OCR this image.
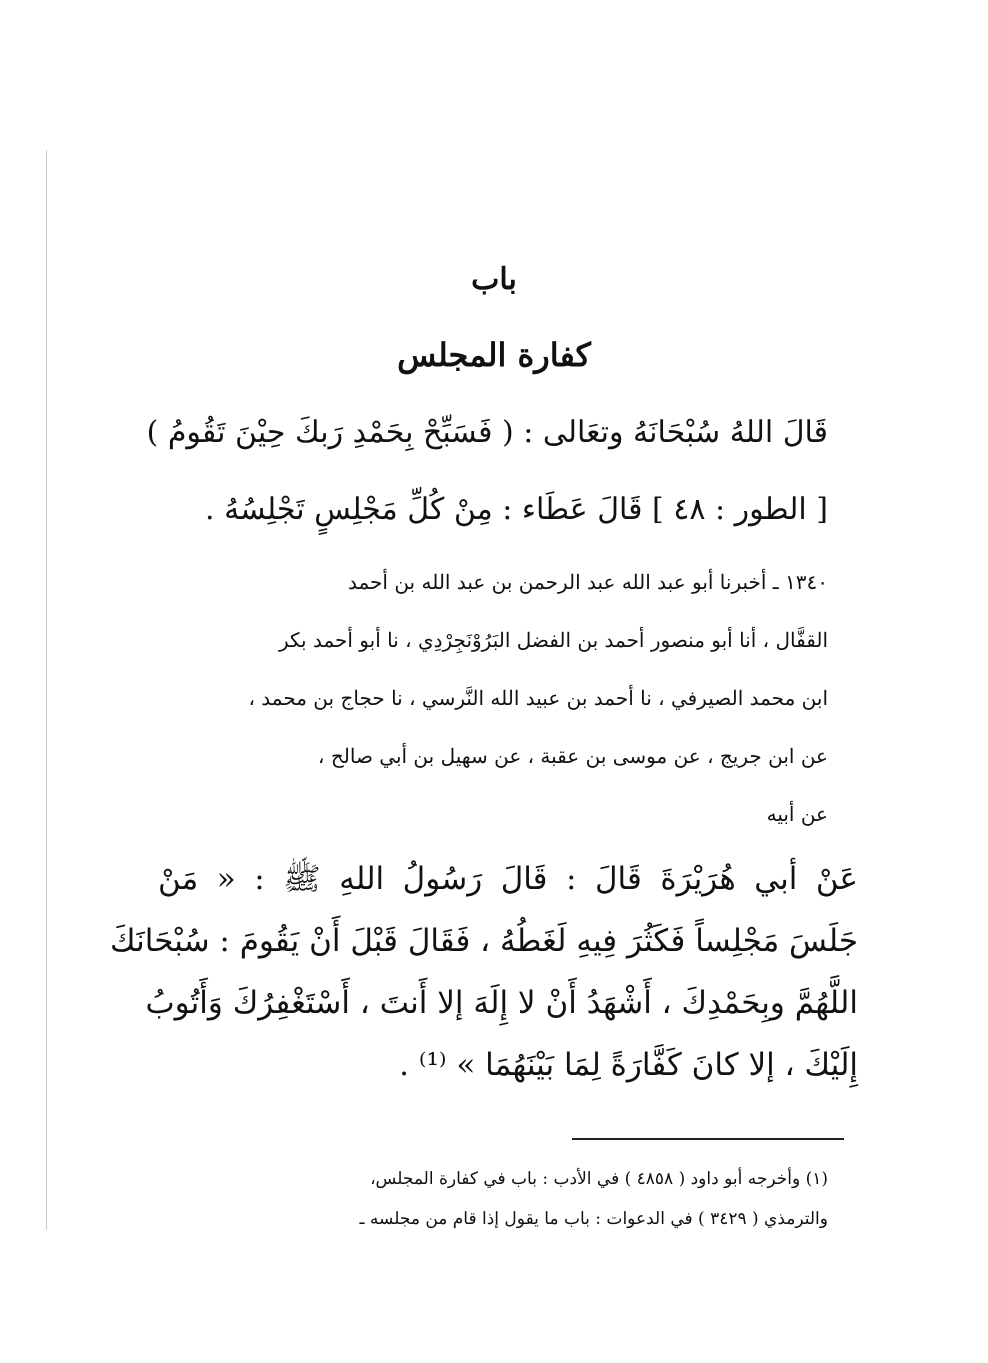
باب
كفارة المجلس
قَالَ اللهُ سُبْحَانَهُ وتعَالى : ( فَسَبِّحْ بِحَمْدِ رَبكَ حِيْنَ تَقُومُ )
[ الطور : ٤٨ ] قَالَ عَطَاء : مِنْ كُلِّ مَجْلِسٍ تَجْلِسُهُ .
١٣٤٠ ـ أخبرنا أبو عبد الله عبد الرحمن بن عبد الله بن أحمد
القفَّال ، أنا أبو منصور أحمد بن الفضل البَرُوْنَجِرْدِي ، نا أبو أحمد بكر
ابن محمد الصيرفي ، نا أحمد بن عبيد الله النَّرسي ، نا حجاج بن محمد ،
عن ابن جريج ، عن موسى بن عقبة ، عن سهيل بن أبي صالح ،
عن أبيه
عَنْ أبي هُرَيْرَةَ قَالَ : قَالَ رَسُولُ اللهِ ﷺ : « مَنْ
جَلَسَ مَجْلِساً فَكَثُرَ فِيهِ لَغَطُهُ ، فَقَالَ قَبْلَ أَنْ يَقُومَ : سُبْحَانَكَ
اللَّهُمَّ وبِحَمْدِكَ ، أَشْهَدُ أَنْ لا إِلَهَ إلا أَنتَ ، أَسْتَغْفِرُكَ وَأَتُوبُ
إِلَيْكَ ، إلا كانَ كَفَّارَةً لِمَا بَيْنَهُمَا » ⁽¹⁾ .
(١) وأخرجه أبو داود ( ٤٨٥٨ ) في الأدب : باب في كفارة المجلس،
والترمذي ( ٣٤٢٩ ) في الدعوات : باب ما يقول إذا قام من مجلسه ـ
